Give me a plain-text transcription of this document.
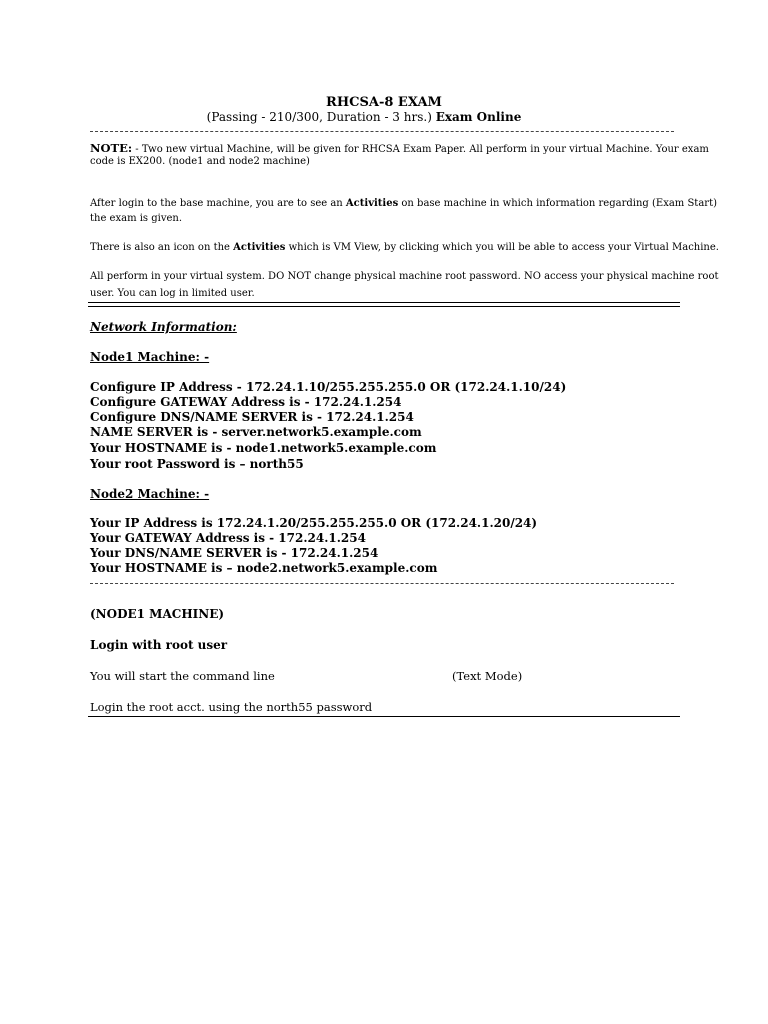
RHCSA-8 EXAM
(Passing - 210/300, Duration - 3 hrs.) Exam Online
NOTE: - Two new virtual Machine, will be given for RHCSA Exam Paper. All perform in your virtual Machine. Your exam
code is EX200. (node1 and node2 machine)
After login to the base machine, you are to see an Activities on base machine in which information regarding (Exam Start)
the exam is given.
There is also an icon on the Activities which is VM View, by clicking which you will be able to access your Virtual Machine.
All perform in your virtual system. DO NOT change physical machine root password. NO access your physical machine root
user. You can log in limited user.
Network Information:
Node1 Machine: -
Configure IP Address - 172.24.1.10/255.255.255.0 OR (172.24.1.10/24)
Configure GATEWAY Address is - 172.24.1.254
Configure DNS/NAME SERVER is - 172.24.1.254
NAME SERVER is - server.network5.example.com
Your HOSTNAME is - node1.network5.example.com
Your root Password is – north55
Node2 Machine: -
Your IP Address is 172.24.1.20/255.255.255.0 OR (172.24.1.20/24)
Your GATEWAY Address is - 172.24.1.254
Your DNS/NAME SERVER is - 172.24.1.254
Your HOSTNAME is – node2.network5.example.com
(NODE1 MACHINE)
Login with root user
You will start the command line	(Text Mode)
Login the root acct. using the north55 password
